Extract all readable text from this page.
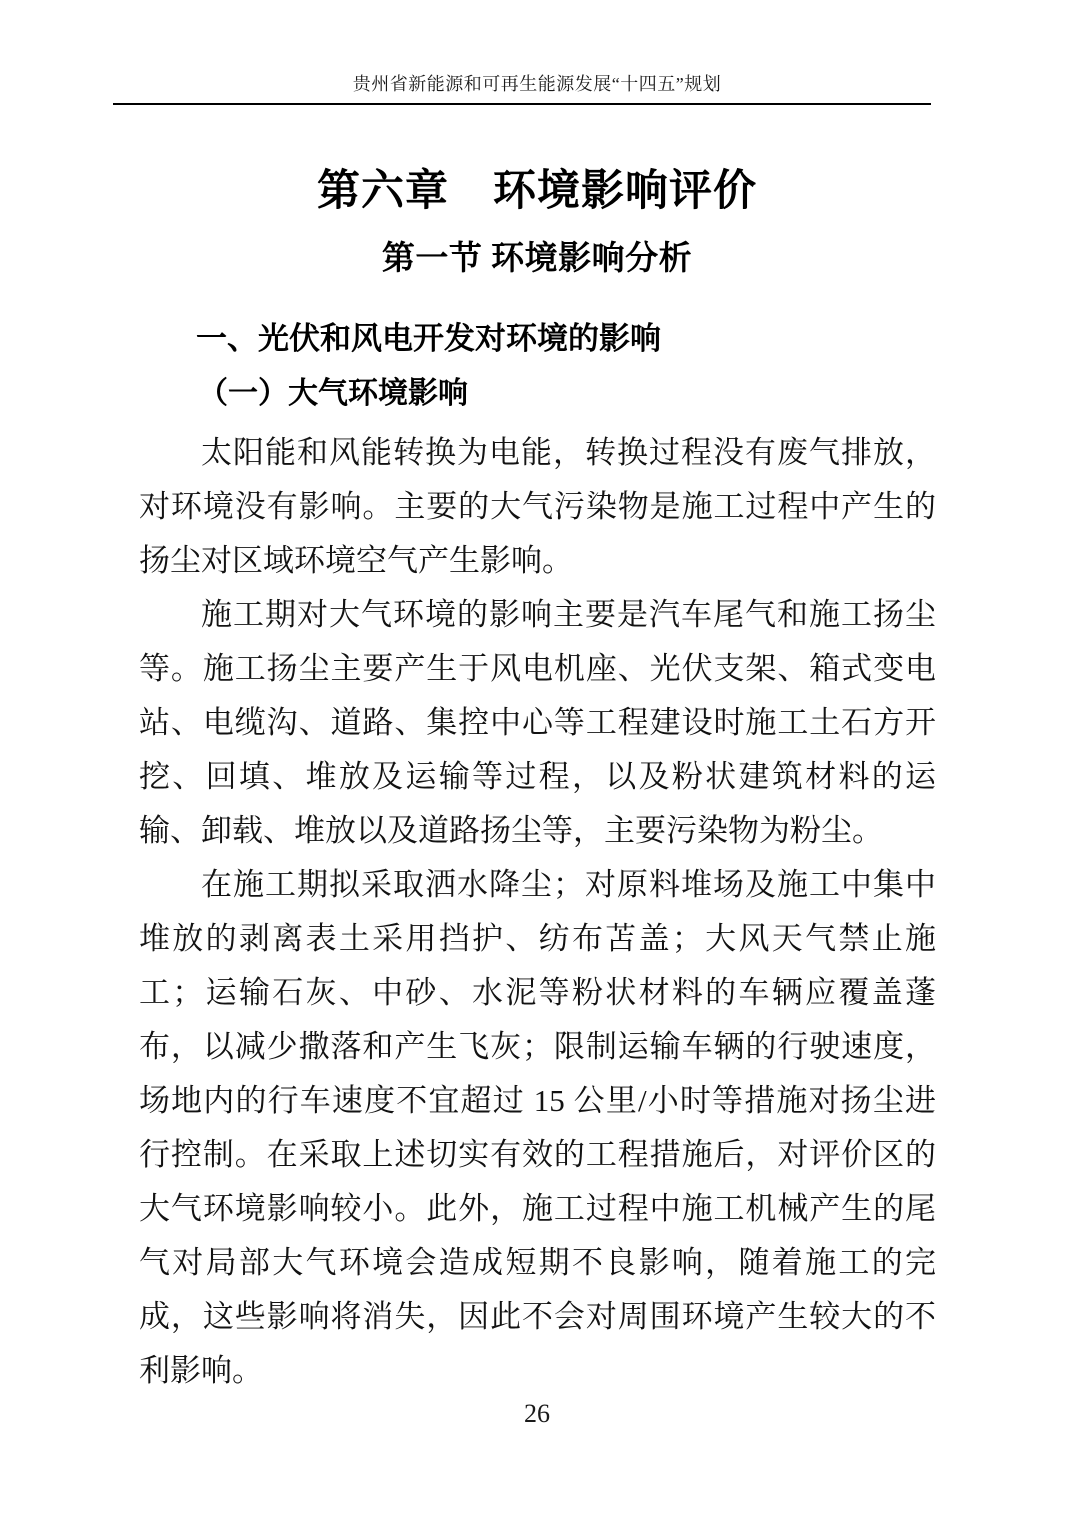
贵州省新能源和可再生能源发展“十四五”规划
第六章　环境影响评价
第一节 环境影响分析
一、光伏和风电开发对环境的影响
（一）大气环境影响

太阳能和风能转换为电能，转换过程没有废气排放，对环境没有影响。主要的大气污染物是施工过程中产生的扬尘对区域环境空气产生影响。

施工期对大气环境的影响主要是汽车尾气和施工扬尘等。施工扬尘主要产生于风电机座、光伏支架、箱式变电站、电缆沟、道路、集控中心等工程建设时施工土石方开挖、回填、堆放及运输等过程，以及粉状建筑材料的运输、卸载、堆放以及道路扬尘等，主要污染物为粉尘。

在施工期拟采取洒水降尘；对原料堆场及施工中集中堆放的剥离表土采用挡护、纺布苫盖；大风天气禁止施工；运输石灰、中砂、水泥等粉状材料的车辆应覆盖蓬布，以减少撒落和产生飞灰；限制运输车辆的行驶速度，场地内的行车速度不宜超过 15 公里/小时等措施对扬尘进行控制。在采取上述切实有效的工程措施后，对评价区的大气环境影响较小。此外，施工过程中施工机械产生的尾气对局部大气环境会造成短期不良影响，随着施工的完成，这些影响将消失，因此不会对周围环境产生较大的不利影响。

26
